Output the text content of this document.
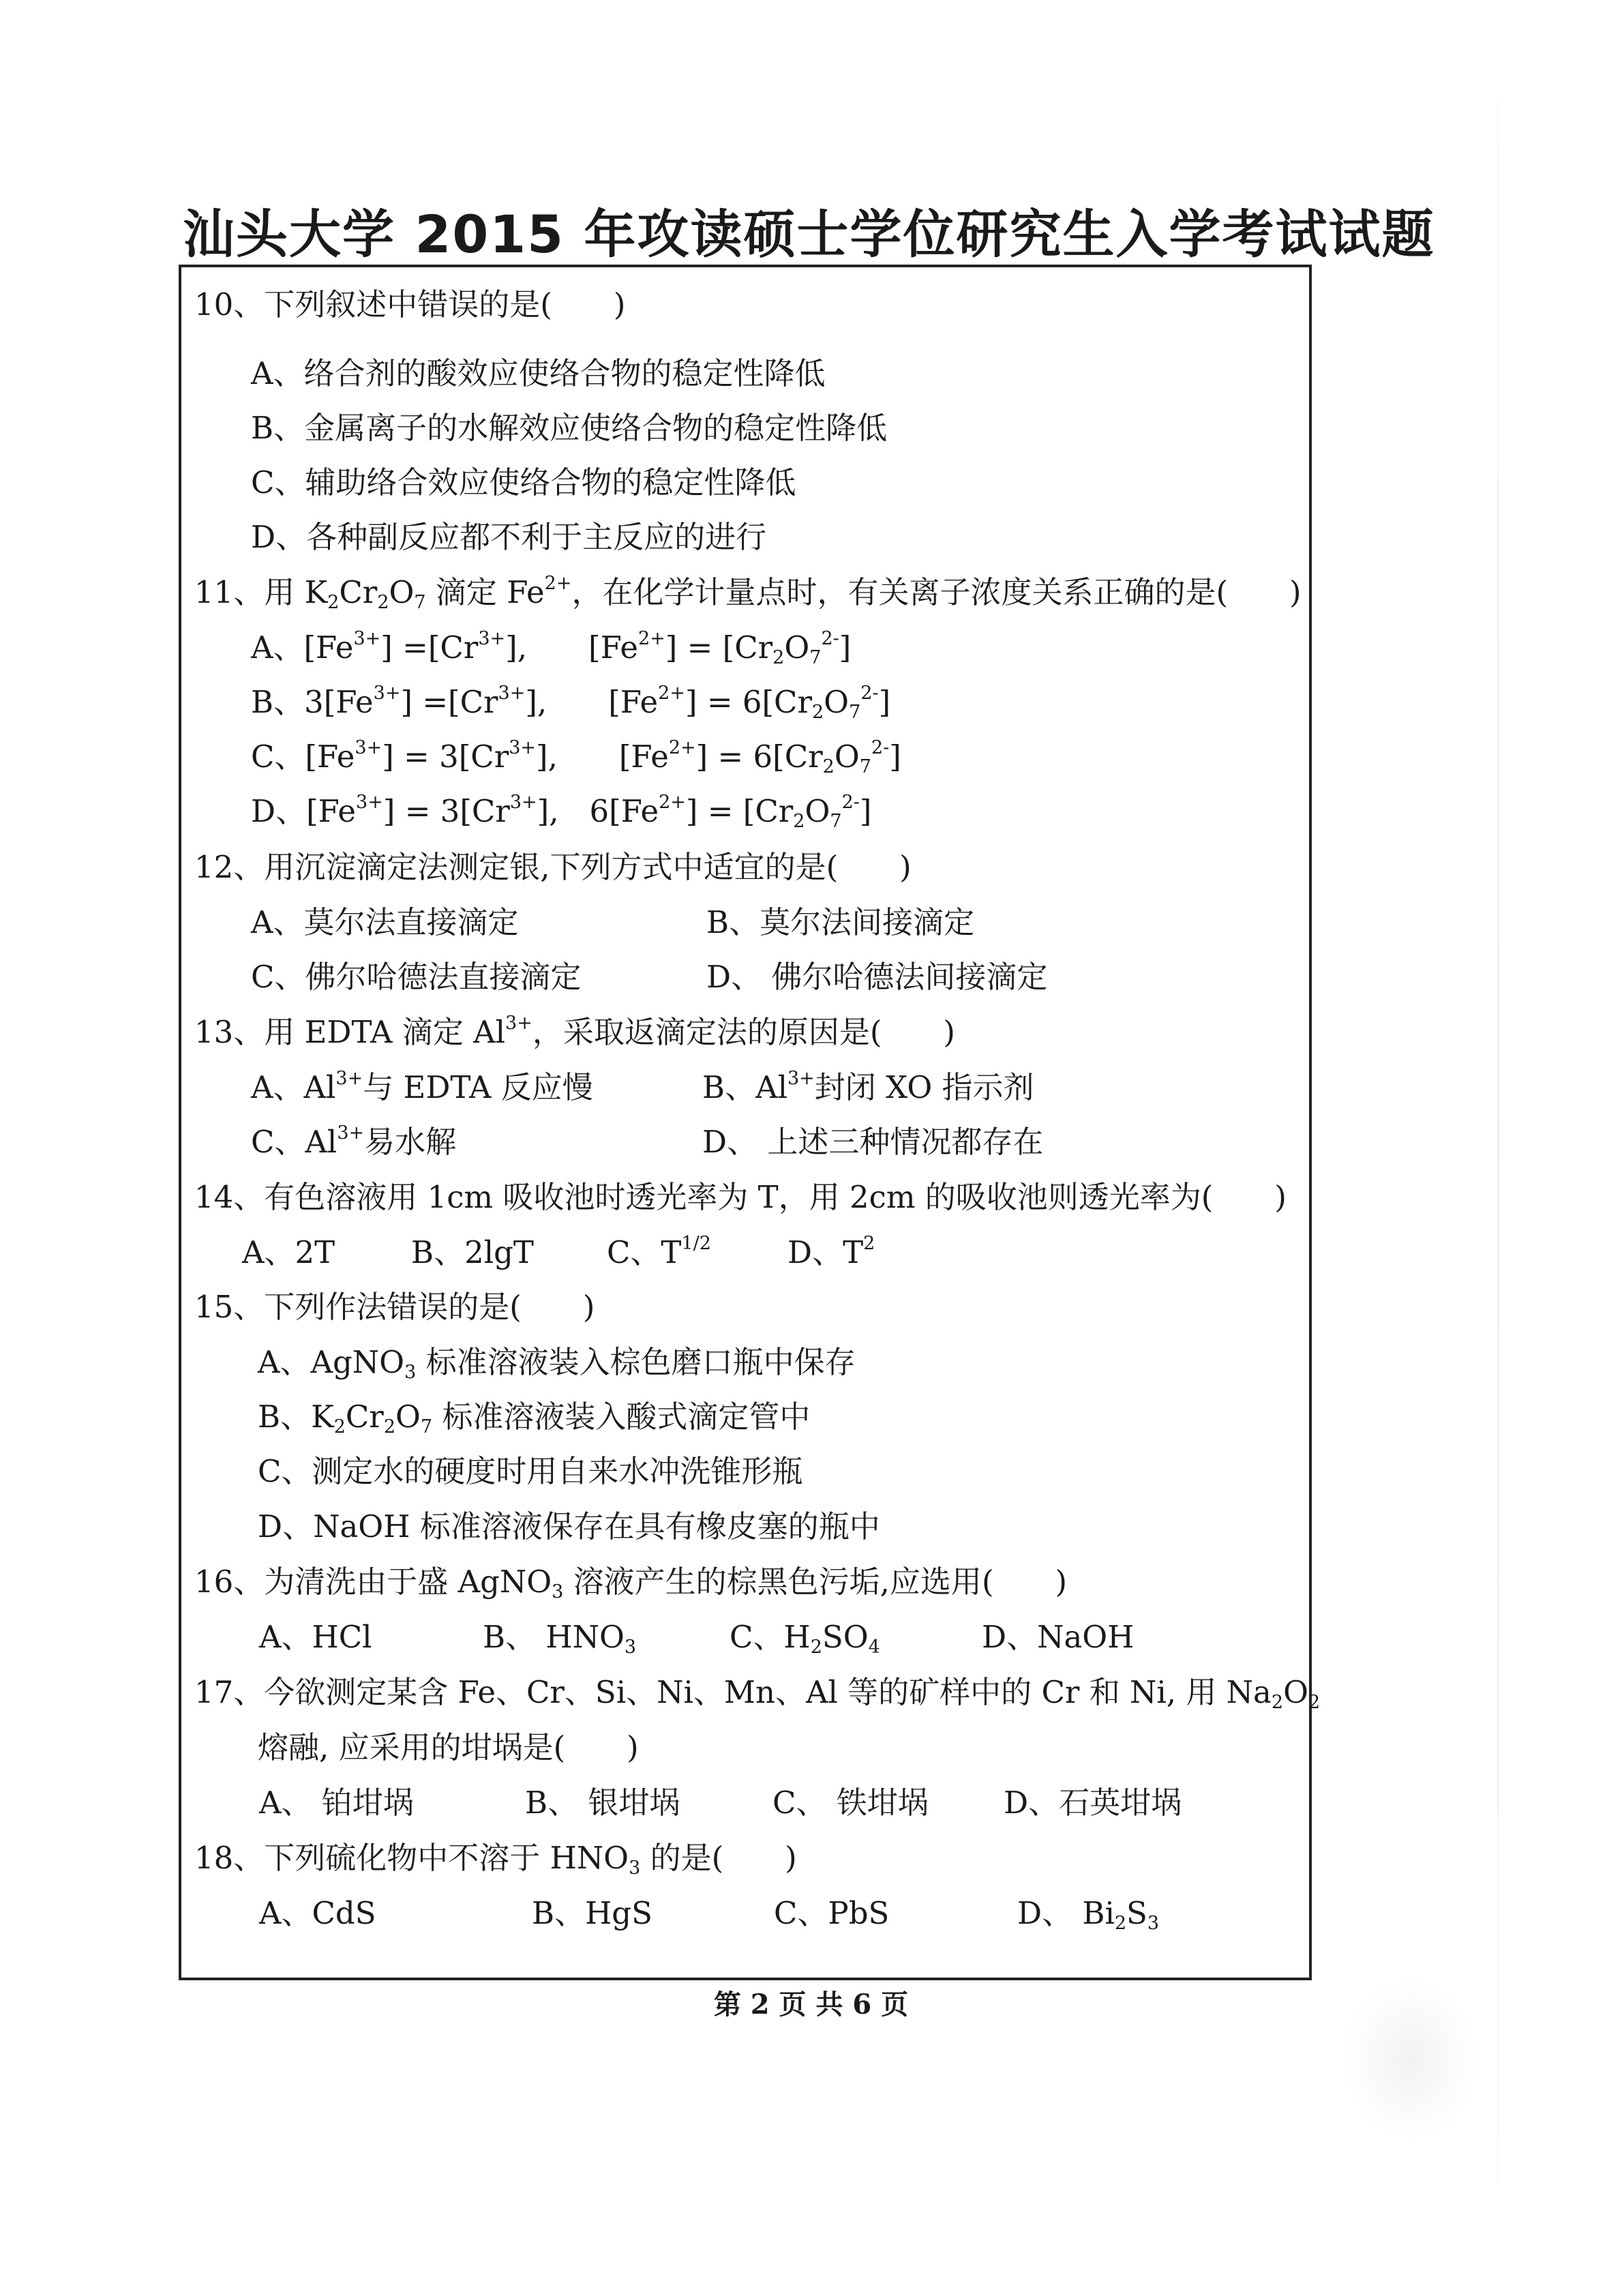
汕头大学 2015 年攻读硕士学位研究生入学考试试题
10、下列叙述中错误的是(　　)
A、络合剂的酸效应使络合物的稳定性降低
B、金属离子的水解效应使络合物的稳定性降低
C、辅助络合效应使络合物的稳定性降低
D、各种副反应都不利于主反应的进行
11、用 $K_2Cr_2O_7$ 滴定 $Fe^{2+}$，在化学计量点时，有关离子浓度关系正确的是(　　)
A、$[Fe^{3+}] =[Cr^{3+}]$,　　$[Fe^{2+}] = [Cr_2O_7^{2-}]$
B、$3[Fe^{3+}] =[Cr^{3+}]$,　　$[Fe^{2+}] = 6[Cr_2O_7^{2-}]$
C、$[Fe^{3+}] = 3[Cr^{3+}]$,　　$[Fe^{2+}] = 6[Cr_2O_7^{2-}]$
D、$[Fe^{3+}] = 3[Cr^{3+}]$,　$6[Fe^{2+}] = [Cr_2O_7^{2-}]$
12、用沉淀滴定法测定银,下列方式中适宜的是(　　)
A、莫尔法直接滴定	B、莫尔法间接滴定
C、佛尔哈德法直接滴定	D、 佛尔哈德法间接滴定
13、用 EDTA 滴定 $Al^{3+}$，采取返滴定法的原因是(　　)
A、$Al^{3+}$与 EDTA 反应慢	B、$Al^{3+}$封闭 XO 指示剂
C、$Al^{3+}$易水解	D、 上述三种情况都存在
14、有色溶液用 1cm 吸收池时透光率为 T，用 2cm 的吸收池则透光率为(　　)
A、2T B、2lgT C、$T^{1/2}$ D、$T^2$
15、下列作法错误的是(　　)
A、AgNO$_3$ 标准溶液装入棕色磨口瓶中保存
B、$K_2Cr_2O_7$ 标准溶液装入酸式滴定管中
C、测定水的硬度时用自来水冲洗锥形瓶
D、NaOH 标准溶液保存在具有橡皮塞的瓶中
16、为清洗由于盛 AgNO$_3$ 溶液产生的棕黑色污垢,应选用(　　)
A、HCl	B、 $HNO_3$	C、$H_2SO_4$	D、NaOH
17、今欲测定某含 Fe、Cr、Si、Ni、Mn、Al 等的矿样中的 Cr 和 Ni, 用 $Na_2O_2$
熔融, 应采用的坩埚是(　　)
A、 铂坩埚	B、 银坩埚	C、 铁坩埚 D、石英坩埚
18、下列硫化物中不溶于 $HNO_3$ 的是(　　)
A、CdS	B、HgS	C、PbS	D、 $Bi_2S_3$
第 2 页 共 6 页
